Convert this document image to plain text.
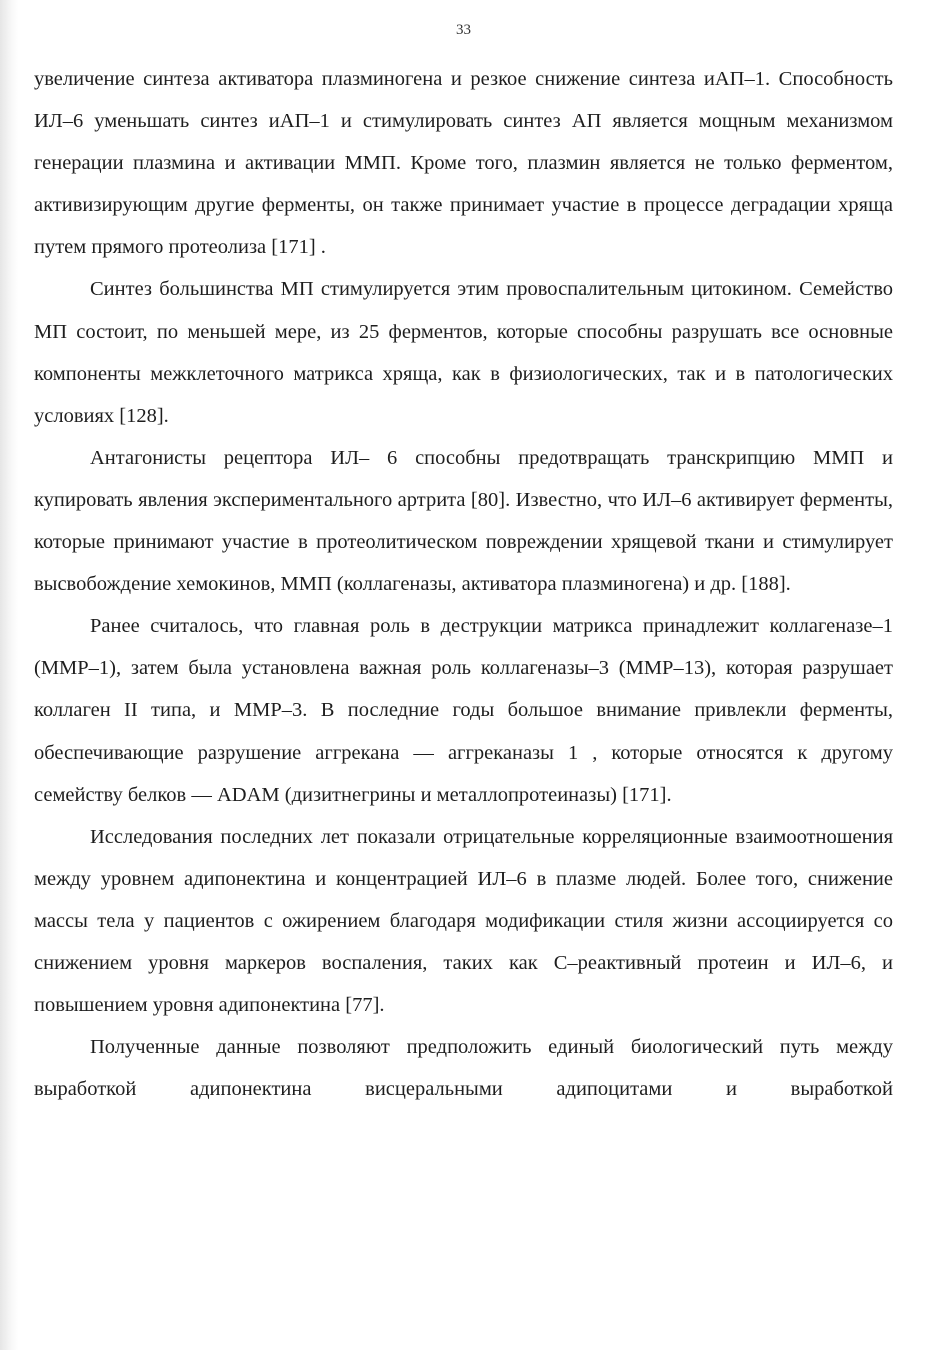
33

увеличение синтеза активатора плазминогена и резкое снижение синтеза иАП–1. Способность ИЛ–6 уменьшать синтез иАП–1 и стимулировать синтез АП является мощным механизмом генерации плазмина и активации ММП. Кроме того, плазмин является не только ферментом, активизирующим другие ферменты, он также принимает участие в процессе деградации хряща путем прямого протеолиза [171] .

Синтез большинства МП стимулируется этим провоспалительным цитокином. Семейство МП состоит, по меньшей мере, из 25 ферментов, которые способны разрушать все основные компоненты межклеточного матрикса хряща, как в физиологических, так и в патологических условиях [128].

Антагонисты рецептора ИЛ– 6 способны предотвращать транскрипцию ММП и купировать явления экспериментального артрита [80]. Известно, что ИЛ–6 активирует ферменты, которые принимают участие в протеолитическом повреждении хрящевой ткани и стимулирует высвобождение хемокинов, ММП (коллагеназы, активатора плазминогена) и др. [188].

Ранее считалось, что главная роль в деструкции матрикса принадлежит коллагеназе–1 (ММР–1), затем была установлена важная роль коллагеназы–3 (ММР–13), которая разрушает коллаген II типа, и ММР–3. В последние годы большое внимание привлекли ферменты, обеспечивающие разрушение аггрекана — аггреканазы 1 , которые относятся к другому семейству белков — ADAM (дизитнегрины и металлопротеиназы) [171].

Исследования последних лет показали отрицательные корреляционные взаимоотношения между уровнем адипонектина и концентрацией ИЛ–6 в плазме людей. Более того, снижение массы тела у пациентов с ожирением благодаря модификации стиля жизни ассоциируется со снижением уровня маркеров воспаления, таких как С–реактивный протеин и ИЛ–6, и повышением уровня адипонектина [77].

Полученные данные позволяют предположить единый биологический путь между выработкой адипонектина висцеральными адипоцитами и выработкой
